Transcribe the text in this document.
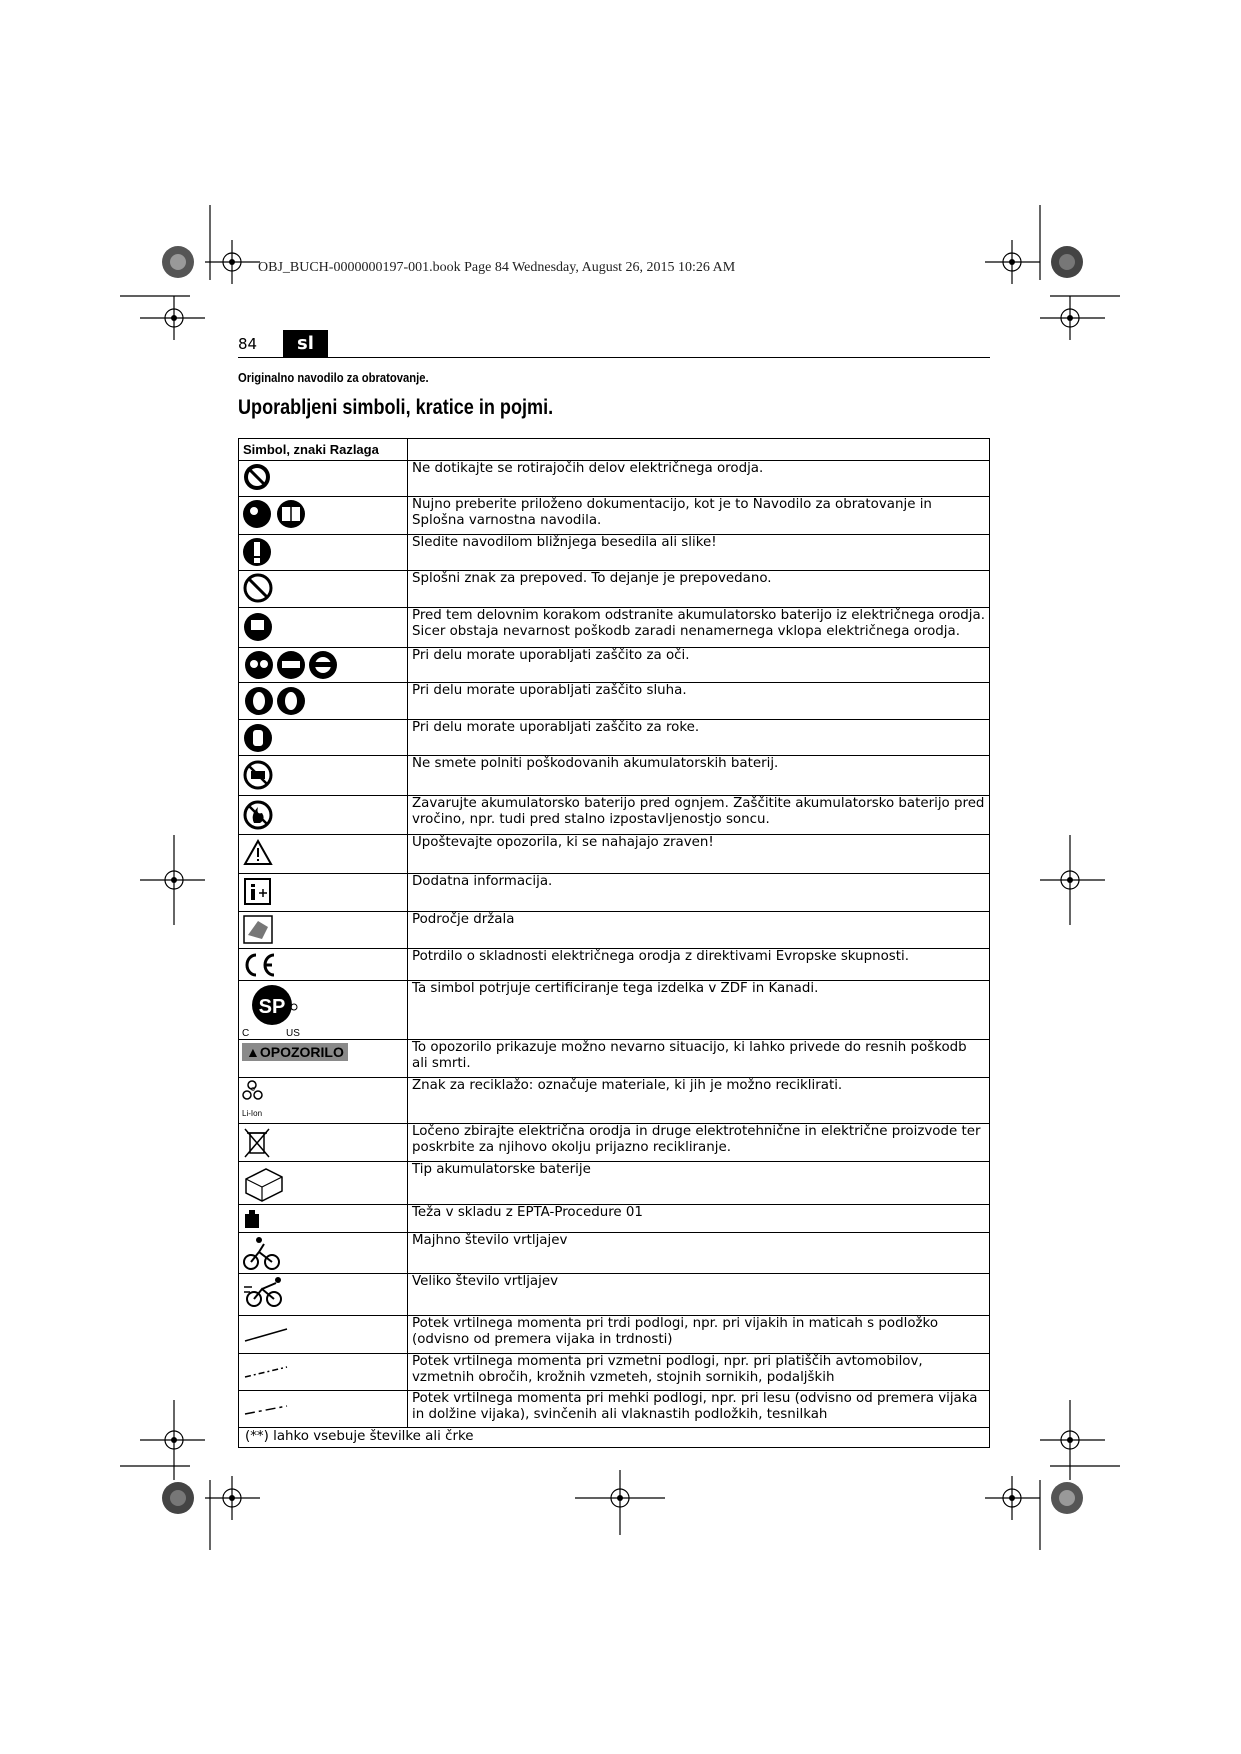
OBJ_BUCH-0000000197-001.book Page 84 Wednesday, August 26, 2015 10:26 AM
84	sl
Originalno navodilo za obratovanje.
Uporabljeni simboli, kratice in pojmi.
Simbol, znaki Razlaga	
	Ne dotikajte se rotirajočih delov električnega orodja.
	Nujno preberite priloženo dokumentacijo, kot je to Navodilo za obratovanje in Splošna varnostna navodila.
	Sledite navodilom bližnjega besedila ali slike!
	Splošni znak za prepoved. To dejanje je prepovedano.
	Pred tem delovnim korakom odstranite akumulatorsko baterijo iz električnega orodja. Sicer obstaja nevarnost poškodb zaradi nenamernega vklopa električnega orodja.
	Pri delu morate uporabljati zaščito za oči.
	Pri delu morate uporabljati zaščito sluha.
	Pri delu morate uporabljati zaščito za roke.
	Ne smete polniti poškodovanih akumulatorskih baterij.
	Zavarujte akumulatorsko baterijo pred ognjem. Zaščitite akumulatorsko baterijo pred vročino, npr. tudi pred stalno izpostavljenostjo soncu.
	Upoštevajte opozorila, ki se nahajajo zraven!
	Dodatna informacija.
	Področje držala
	Potrdilo o skladnosti električnega orodja z direktivami Evropske skupnosti.

SP
C US	Ta simbol potrjuje certificiranje tega izdelka v ZDF in Kanadi.
▲OPOZORILO	To opozorilo prikazuje možno nevarno situacijo, ki lahko privede do resnih poškodb ali smrti.

o

Li-Ion	Znak za reciklažo: označuje materiale, ki jih je možno reciklirati.
	Ločeno zbirajte električna orodja in druge elektrotehnične in električne proizvode ter poskrbite za njihovo okolju prijazno recikliranje.
	Tip akumulatorske baterije
	Teža v skladu z EPTA-Procedure 01
	Majhno število vrtljajev
	Veliko število vrtljajev
	Potek vrtilnega momenta pri trdi podlogi, npr. pri vijakih in maticah s podložko (odvisno od premera vijaka in trdnosti)
	Potek vrtilnega momenta pri vzmetni podlogi, npr. pri platiščih avtomobilov, vzmetnih obročih, krožnih vzmeteh, stojnih sornikih, podaljških
	Potek vrtilnega momenta pri mehki podlogi, npr. pri lesu (odvisno od premera vijaka in dolžine vijaka), svinčenih ali vlaknastih podložkih, tesnilkah
(**) lahko vsebuje številke ali črke	
